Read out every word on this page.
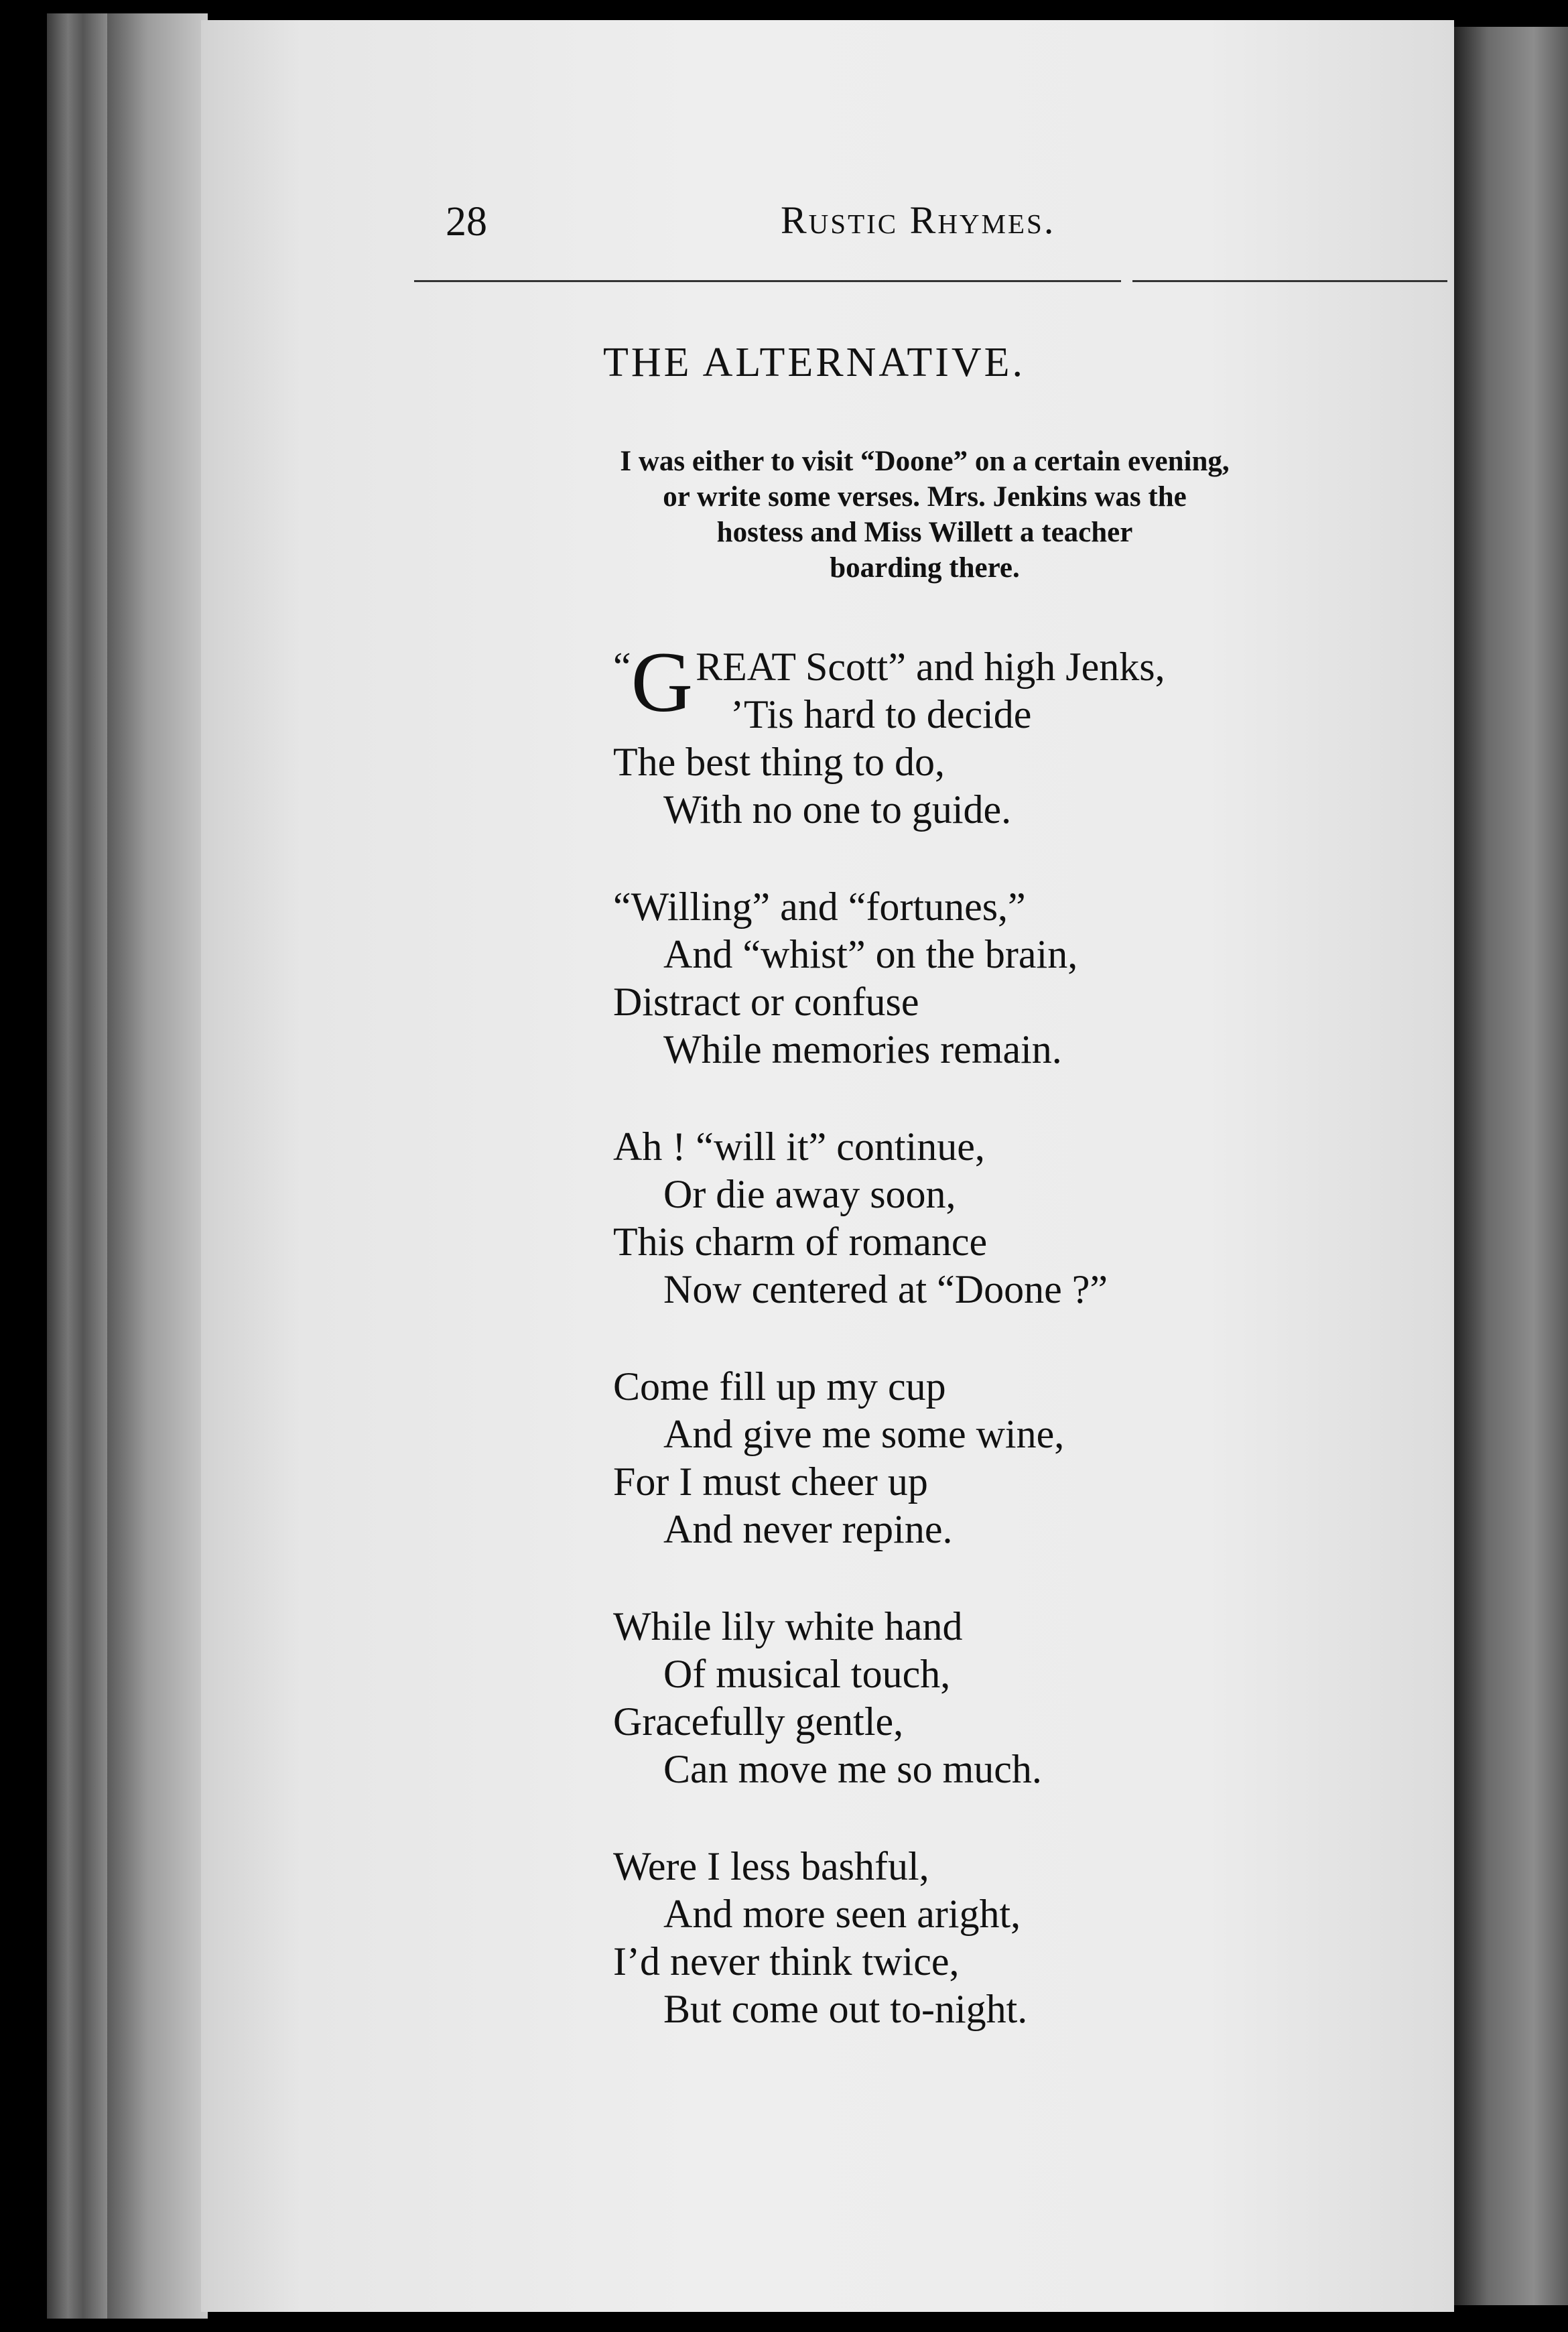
28	Rustic Rhymes.
THE ALTERNATIVE.
I was either to visit “Doone” on a certain evening,
or write some verses. Mrs. Jenkins was the
hostess and Miss Willett a teacher
boarding there.
“GREAT Scott” and high Jenks,
’Tis hard to decide
The best thing to do,
With no one to guide.
“Willing” and “fortunes,”
And “whist” on the brain,
Distract or confuse
While memories remain.
Ah ! “will it” continue,
Or die away soon,
This charm of romance
Now centered at “Doone ?”
Come fill up my cup
And give me some wine,
For I must cheer up
And never repine.
While lily white hand
Of musical touch,
Gracefully gentle,
Can move me so much.
Were I less bashful,
And more seen aright,
I’d never think twice,
But come out to-night.
